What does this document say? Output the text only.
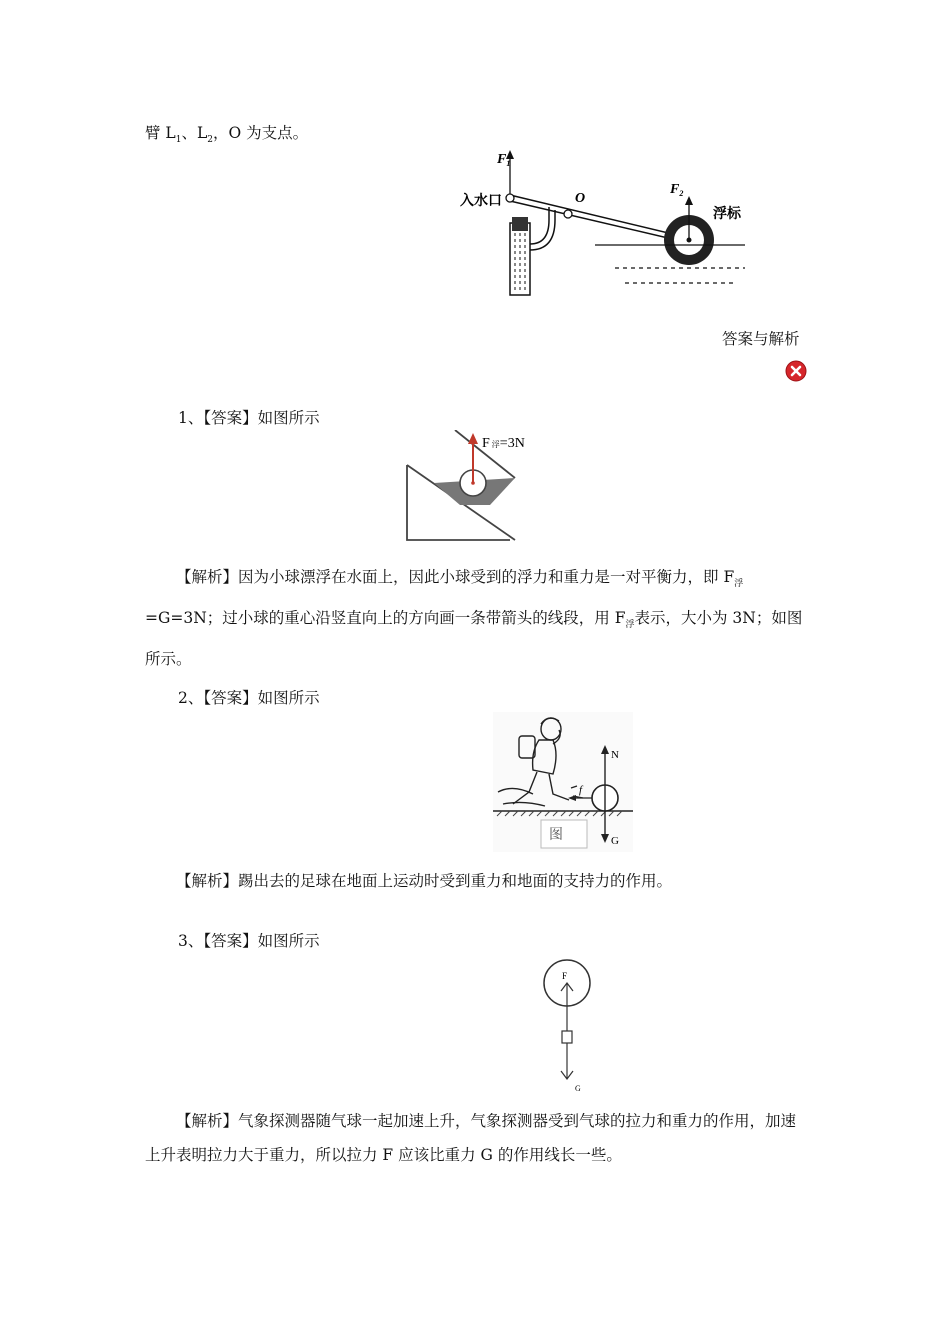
臂 $L_1$、$L_2$，O 为支点。
$F_1$
入水口	O
$F_2$
浮标
答案与解析
1、【答案】如图所示
F浮=3N
【解析】因为小球漂浮在水面上，因此小球受到的浮力和重力是一对平衡力，即 $F_浮=G=3N$；过小球的重心沿竖直向上的方向画一条带箭头的线段，用 $F_浮$表示，大小为 3N；如图所示。
2、【答案】如图所示
N
G
f
图
【解析】踢出去的足球在地面上运动时受到重力和地面的支持力的作用。
3、【答案】如图所示
F
G
【解析】气象探测器随气球一起加速上升，气象探测器受到气球的拉力和重力的作用，加速上升表明拉力大于重力，所以拉力 F 应该比重力 G 的作用线长一些。
